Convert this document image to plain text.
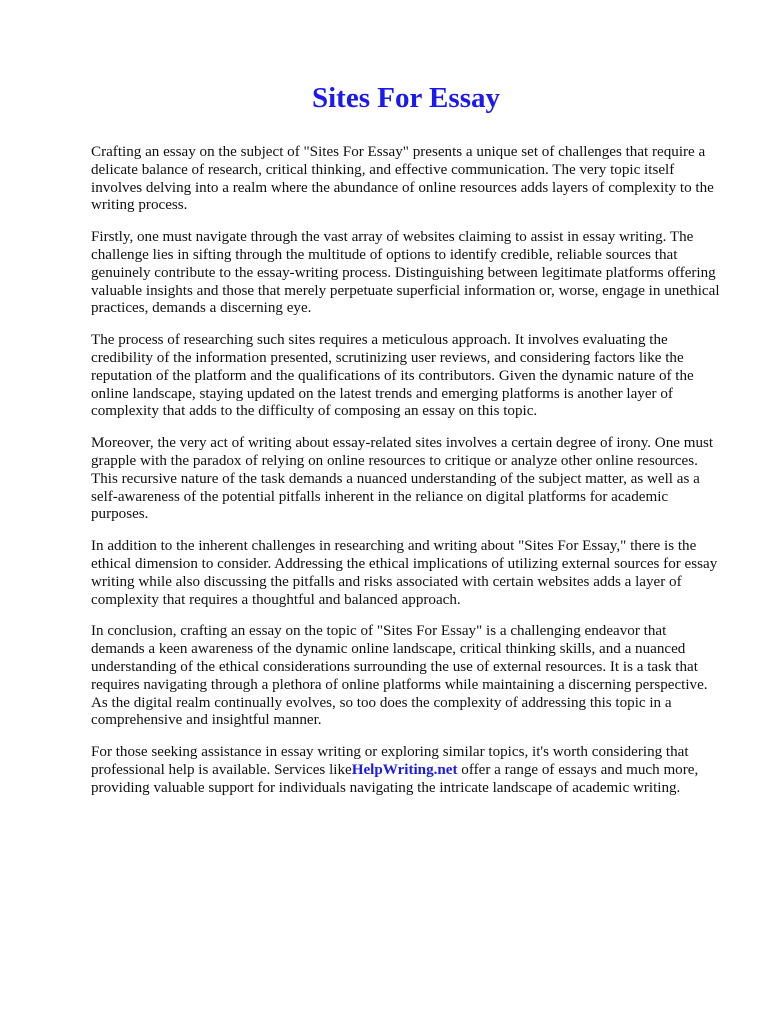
Sites For Essay

Crafting an essay on the subject of "Sites For Essay" presents a unique set of challenges that require a delicate balance of research, critical thinking, and effective communication. The very topic itself involves delving into a realm where the abundance of online resources adds layers of complexity to the writing process.

Firstly, one must navigate through the vast array of websites claiming to assist in essay writing. The challenge lies in sifting through the multitude of options to identify credible, reliable sources that genuinely contribute to the essay-writing process. Distinguishing between legitimate platforms offering valuable insights and those that merely perpetuate superficial information or, worse, engage in unethical practices, demands a discerning eye.

The process of researching such sites requires a meticulous approach. It involves evaluating the credibility of the information presented, scrutinizing user reviews, and considering factors like the reputation of the platform and the qualifications of its contributors. Given the dynamic nature of the online landscape, staying updated on the latest trends and emerging platforms is another layer of complexity that adds to the difficulty of composing an essay on this topic.

Moreover, the very act of writing about essay-related sites involves a certain degree of irony. One must grapple with the paradox of relying on online resources to critique or analyze other online resources. This recursive nature of the task demands a nuanced understanding of the subject matter, as well as a self-awareness of the potential pitfalls inherent in the reliance on digital platforms for academic purposes.

In addition to the inherent challenges in researching and writing about "Sites For Essay," there is the ethical dimension to consider. Addressing the ethical implications of utilizing external sources for essay writing while also discussing the pitfalls and risks associated with certain websites adds a layer of complexity that requires a thoughtful and balanced approach.

In conclusion, crafting an essay on the topic of "Sites For Essay" is a challenging endeavor that demands a keen awareness of the dynamic online landscape, critical thinking skills, and a nuanced understanding of the ethical considerations surrounding the use of external resources. It is a task that requires navigating through a plethora of online platforms while maintaining a discerning perspective. As the digital realm continually evolves, so too does the complexity of addressing this topic in a comprehensive and insightful manner.

For those seeking assistance in essay writing or exploring similar topics, it's worth considering that professional help is available. Services likeHelpWriting.net offer a range of essays and much more, providing valuable support for individuals navigating the intricate landscape of academic writing.
